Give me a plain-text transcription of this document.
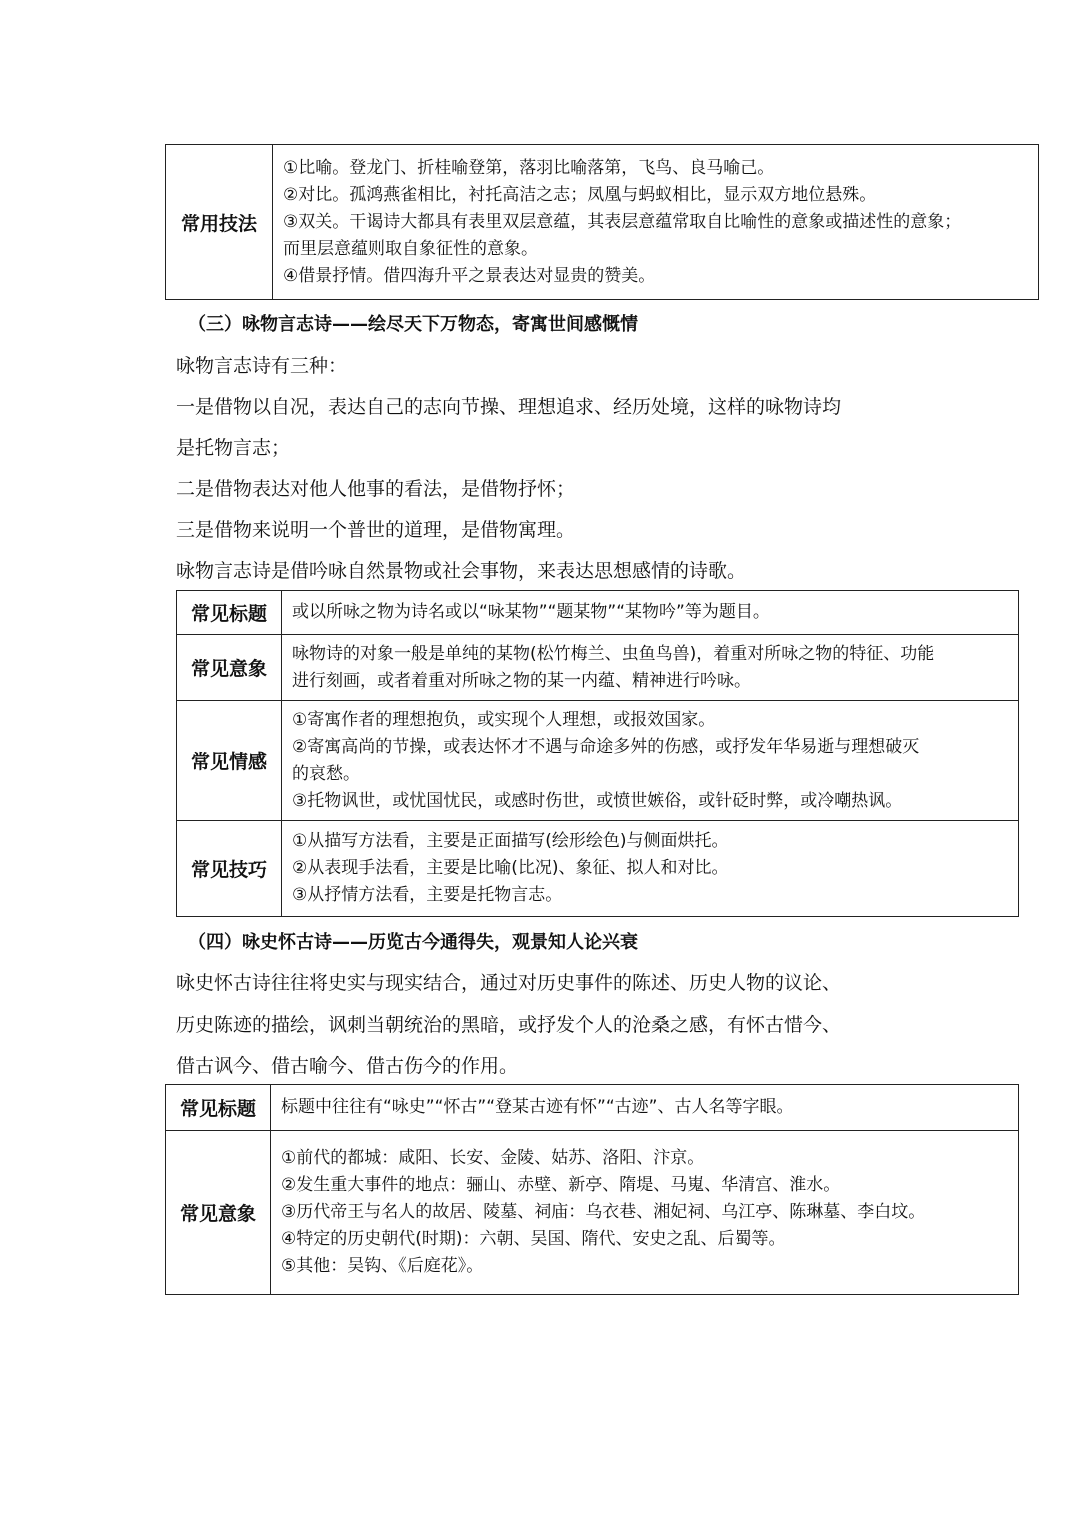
常用技法	
①比喻。登龙门、折桂喻登第，落羽比喻落第，飞鸟、良马喻己。
②对比。孤鸿燕雀相比，衬托高洁之志；凤凰与蚂蚁相比，显示双方地位悬殊。
③双关。干谒诗大都具有表里双层意蕴，其表层意蕴常取自比喻性的意象或描述性的意象；
而里层意蕴则取自象征性的意象。
④借景抒情。借四海升平之景表达对显贵的赞美。
（三）咏物言志诗——绘尽天下万物态，寄寓世间感慨情
咏物言志诗有三种：
一是借物以自况，表达自己的志向节操、理想追求、经历处境，这样的咏物诗均
是托物言志；
二是借物表达对他人他事的看法，是借物抒怀；
三是借物来说明一个普世的道理，是借物寓理。
咏物言志诗是借吟咏自然景物或社会事物，来表达思想感情的诗歌。
常见标题	或以所咏之物为诗名或以“咏某物”“题某物”“某物吟”等为题目。

常见意象	咏物诗的对象一般是单纯的某物(松竹梅兰、虫鱼鸟兽)，着重对所咏之物的特征、功能
进行刻画，或者着重对所咏之物的某一内蕴、精神进行吟咏。

常见情感	①寄寓作者的理想抱负，或实现个人理想，或报效国家。
②寄寓高尚的节操，或表达怀才不遇与命途多舛的伤感，或抒发年华易逝与理想破灭
的哀愁。
③托物讽世，或忧国忧民，或感时伤世，或愤世嫉俗，或针砭时弊，或冷嘲热讽。

常见技巧	①从描写方法看，主要是正面描写(绘形绘色)与侧面烘托。
②从表现手法看，主要是比喻(比况)、象征、拟人和对比。
③从抒情方法看，主要是托物言志。
（四）咏史怀古诗——历览古今通得失，观景知人论兴衰
咏史怀古诗往往将史实与现实结合，通过对历史事件的陈述、历史人物的议论、
历史陈迹的描绘，讽刺当朝统治的黑暗，或抒发个人的沧桑之感，有怀古惜今、
借古讽今、借古喻今、借古伤今的作用。
常见标题	标题中往往有“咏史”“怀古”“登某古迹有怀”“古迹”、古人名等字眼。

常见意象	①前代的都城：咸阳、长安、金陵、姑苏、洛阳、汴京。
②发生重大事件的地点：骊山、赤壁、新亭、隋堤、马嵬、华清宫、淮水。
③历代帝王与名人的故居、陵墓、祠庙：乌衣巷、湘妃祠、乌江亭、陈琳墓、李白坟。
④特定的历史朝代(时期)：六朝、吴国、隋代、安史之乱、后蜀等。
⑤其他：吴钩、《后庭花》。
